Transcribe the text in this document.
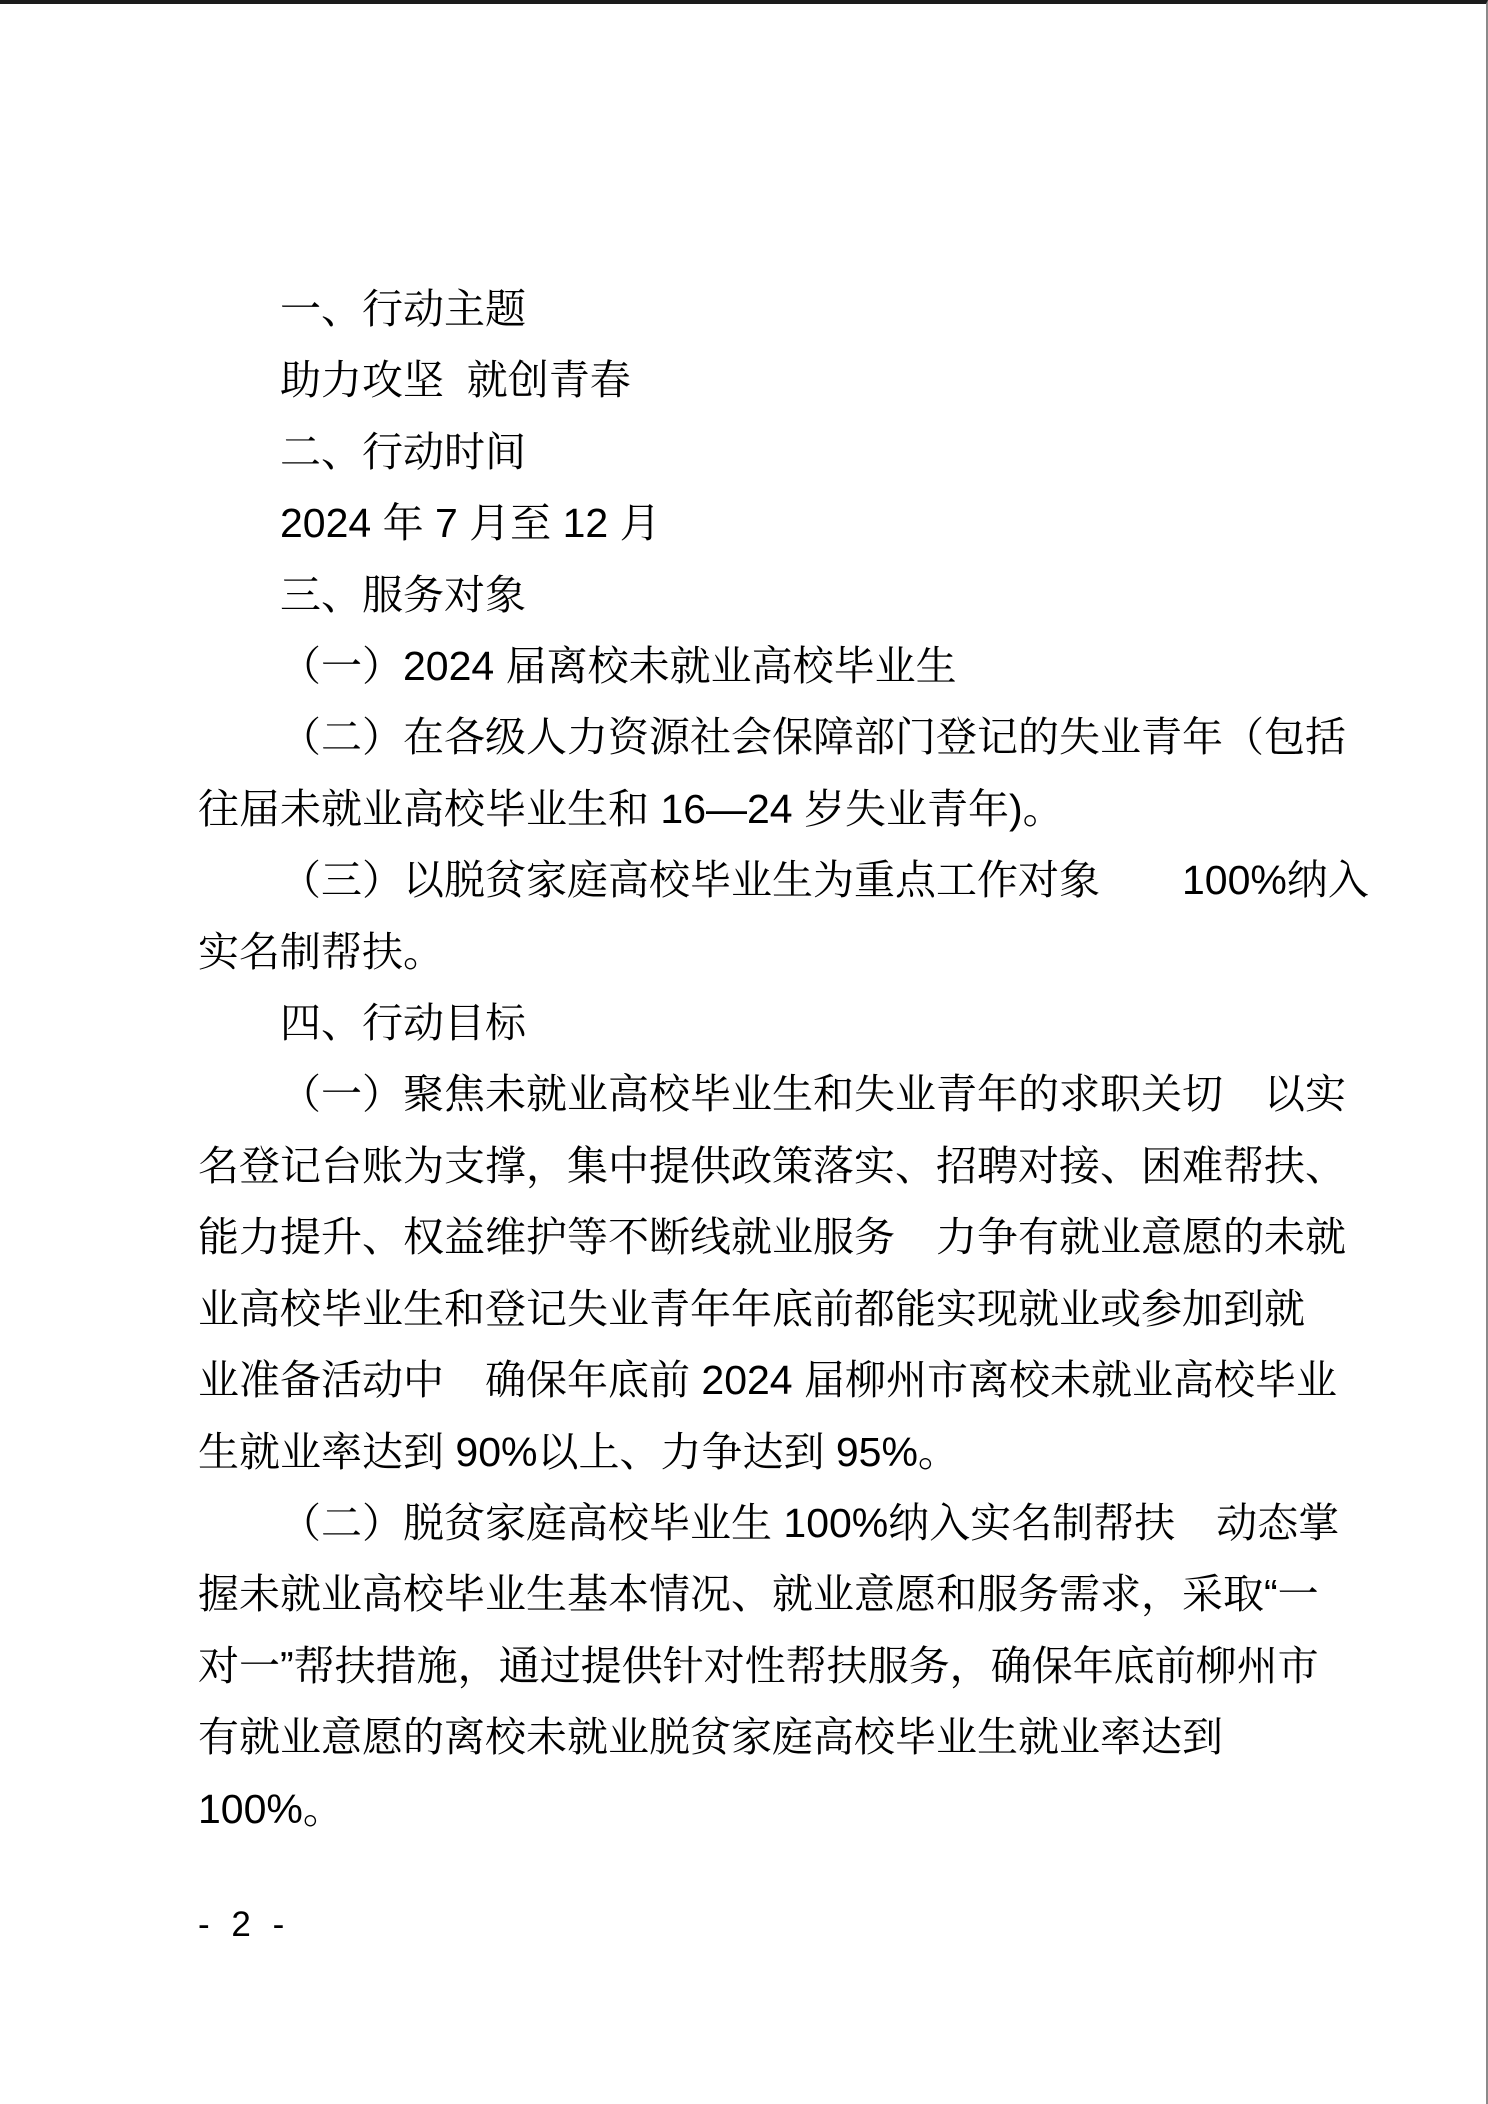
一、行动主题

助力攻坚  就创青春

二、行动时间

2024 年 7 月至 12 月

三、服务对象

（一）2024 届离校未就业高校毕业生

（二）在各级人力资源社会保障部门登记的失业青年（包括

往届未就业高校毕业生和 16—24 岁失业青年)。

（三）以脱贫家庭高校毕业生为重点工作对象　　100%纳入

实名制帮扶。

四、行动目标

（一）聚焦未就业高校毕业生和失业青年的求职关切　以实

名登记台账为支撑，集中提供政策落实、招聘对接、困难帮扶、

能力提升、权益维护等不断线就业服务　力争有就业意愿的未就

业高校毕业生和登记失业青年年底前都能实现就业或参加到就

业准备活动中　确保年底前 2024 届柳州市离校未就业高校毕业

生就业率达到 90%以上、力争达到 95%。

（二）脱贫家庭高校毕业生 100%纳入实名制帮扶　动态掌

握未就业高校毕业生基本情况、就业意愿和服务需求，采取“一

对一”帮扶措施，通过提供针对性帮扶服务，确保年底前柳州市

有就业意愿的离校未就业脱贫家庭高校毕业生就业率达到

100%。

- 2 -
